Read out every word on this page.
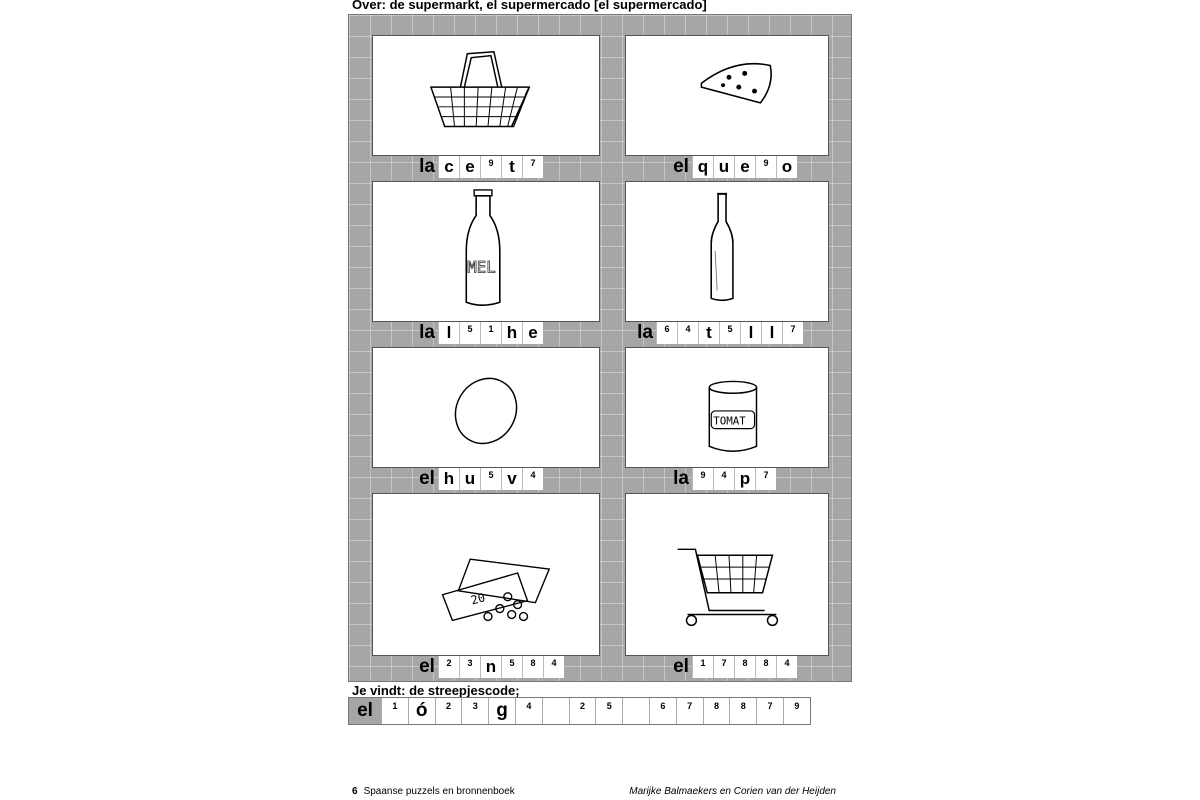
Over: de supermarkt, el supermercado [el supermercado]
MEL
TOMAT
20
la c e	9 t	7	el q u e	9 o
la l	5	1 h e	la	6	4 t	5 l l	7
el h u	5 v	4	la	9	4 p	7
el	2	3 n	5	8	4	el	1	7	8	8	4
Je vindt: de streepjescode;
el	1 ó	2	3 g	4	2	5	6	7	8	8	7	9
6 Spaanse puzzels en bronnenboek	Marijke Balmaekers en Corien van der Heijden
